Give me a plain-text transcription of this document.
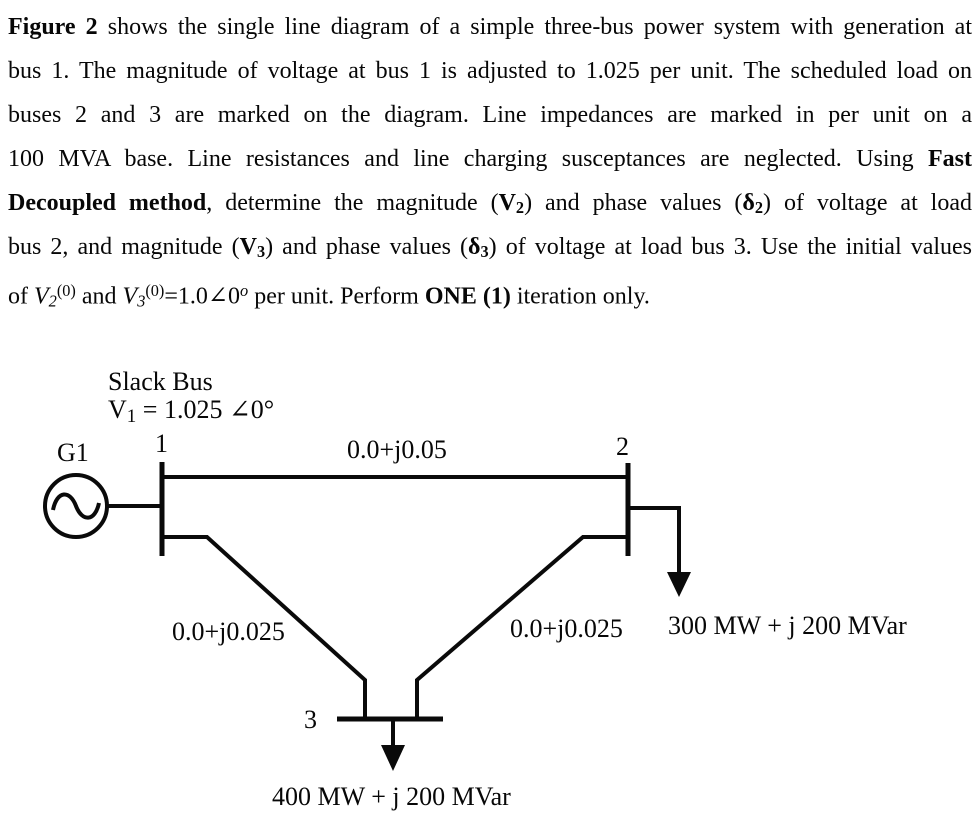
Figure 2 shows the single line diagram of a simple three-bus power system with generation at
bus 1. The magnitude of voltage at bus 1 is adjusted to 1.025 per unit. The scheduled load on
buses 2 and 3 are marked on the diagram. Line impedances are marked in per unit on a
100 MVA base. Line resistances and line charging susceptances are neglected. Using Fast
Decoupled method, determine the magnitude (V2) and phase values (δ2) of voltage at load
bus 2, and magnitude (V3) and phase values (δ3) of voltage at load bus 3. Use the initial values
of V2$^{(0)}$ and $V3^{(0)}=1.0\angle 0^o$ per unit. Perform ONE (1) iteration only.
G1
Slack Bus
V1 = 1.025 ∠0°
1	2
3
0.0+j0.05
0.0+j0.025	0.0+j0.025 300 MW + j 200 MVar
400 MW + j 200 MVar
